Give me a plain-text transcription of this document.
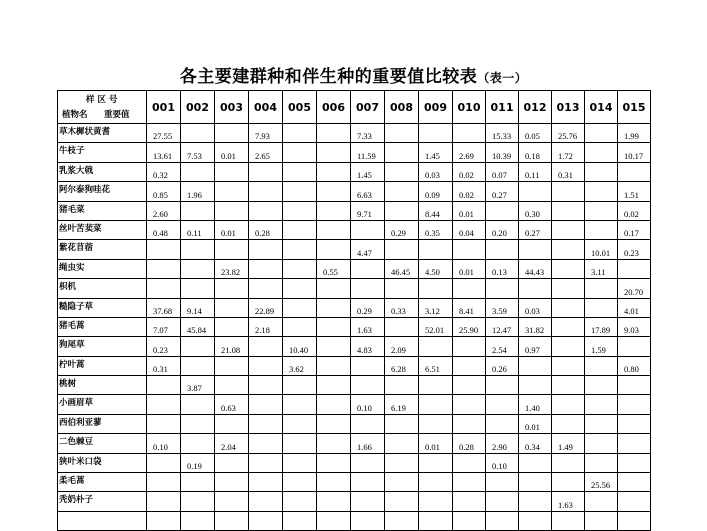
各主要建群种和伴生种的重要值比较表（表一）
样 区 号
植物名 重要值	001	002	003	004	005	006	007	008	009	010	011	012	013	014	015
草木樨状黄耆	27.55			7.93			7.33				15.33	0.05	25.76		1.99
牛枝子	13.61	7.53	0.01	2.65			11.59		1.45	2.69	10.39	0.18	1.72		10.17
乳浆大戟	0.32						1.45		0.03	0.02	0.07	0.11	0.31		
阿尔泰狗哇花	0.85	1.96					6.63		0.09	0.02	0.27				1.51
猪毛菜	2.60						9.71		8.44	0.01		0.30			0.02
丝叶苦荬菜	0.48	0.11	0.01	0.28				0.29	0.35	0.04	0.20	0.27			0.17
紫花苜蓿							4.47							10.01	0.23
绳虫实			23.82			0.55		46.45	4.50	0.01	0.13	44.43		3.11	
枳机															20.70
糙隐子草	37.68	9.14		22.89			0.29	0.33	3.12	8.41	3.59	0.03			4.01
猪毛蒿	7.07	45.84		2.18			1.63		52.01	25.90	12.47	31.82		17.89	9.03
狗尾草	0.23		21.08		10.40		4.83	2.09			2.54	0.97		1.59	
柠叶蒿	0.31				3.62			6.28	6.51		0.26				0.80
桃树		3.87													
小画眉草			0.63				0.10	6.19				1.40			
西伯利亚蓼												0.01			
二色棘豆	0.10		2.04				1.66		0.01	0.28	2.90	0.34	1.49		
狭叶米口袋		0.19									0.10				
柔毛蒿														25.56	
秃奶朴子													1.63		
